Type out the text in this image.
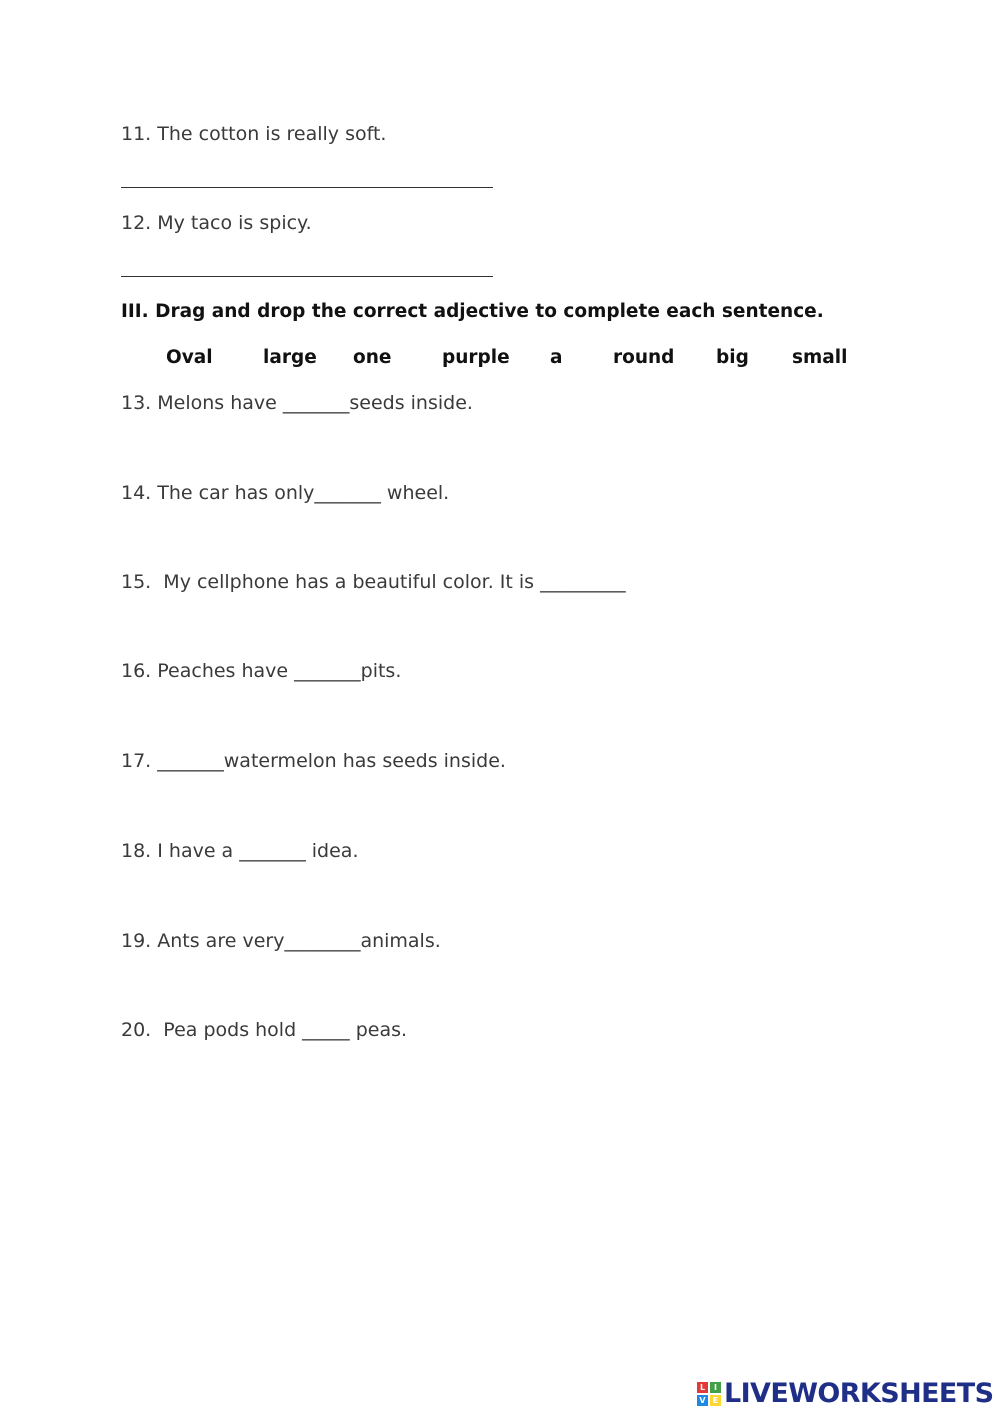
11. The cotton is really soft.
12. My taco is spicy.
III. Drag and drop the correct adjective to complete each sentence.
Oval	large one	purple a	round big small
13. Melons have _______seeds inside.
14. The car has only_______ wheel.
15.  My cellphone has a beautiful color. It is _________
16. Peaches have _______pits.
17. _______watermelon has seeds inside.
18. I have a _______ idea.
19. Ants are very________animals.
20.  Pea pods hold _____ peas.
L	I
V E LIVEWORKSHEETS
